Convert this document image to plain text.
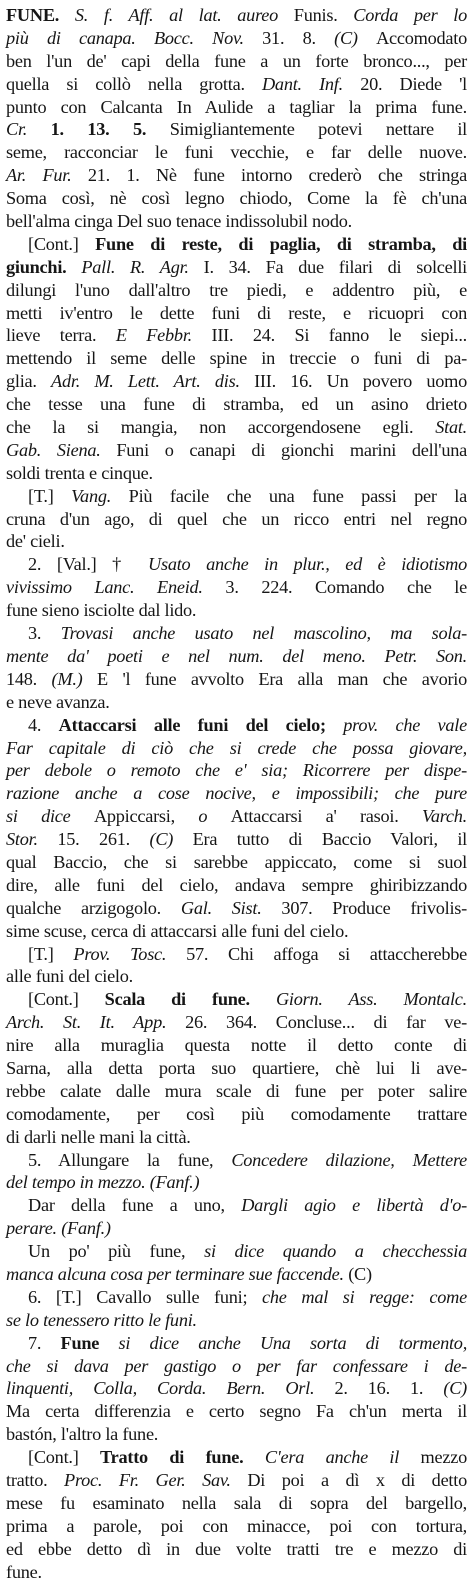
FUNE. S. f. Aff. al lat. aureo Funis. Corda per lo
più di canapa. Bocc. Nov. 31. 8. (C) Accomodato
ben l'un de' capi della fune a un forte bronco..., per
quella si collò nella grotta. Dant. Inf. 20. Diede 'l
punto con Calcanta In Aulide a tagliar la prima fune.
Cr. 1. 13. 5. Simigliantemente potevi nettare il
seme, racconciar le funi vecchie, e far delle nuove.
Ar. Fur. 21. 1. Nè fune intorno crederò che stringa
Soma così, nè così legno chiodo, Come la fè ch'una
bell'alma cinga Del suo tenace indissolubil nodo.
[Cont.] Fune di reste, di paglia, di stramba, di
giunchi. Pall. R. Agr. I. 34. Fa due filari di solcelli
dilungi l'uno dall'altro tre piedi, e addentro più, e
metti iv'entro le dette funi di reste, e ricuopri con
lieve terra. E Febbr. III. 24. Si fanno le siepi...
mettendo il seme delle spine in treccie o funi di pa-
glia. Adr. M. Lett. Art. dis. III. 16. Un povero uomo
che tesse una fune di stramba, ed un asino drieto
che la si mangia, non accorgendosene egli. Stat.
Gab. Siena. Funi o canapi di gionchi marini dell'una
soldi trenta e cinque.
[T.] Vang. Più facile che una fune passi per la
cruna d'un ago, di quel che un ricco entri nel regno
de' cieli.
2. [Val.] † Usato anche in plur., ed è idiotismo
vivissimo Lanc. Eneid. 3. 224. Comando che le
fune sieno isciolte dal lido.
3. Trovasi anche usato nel mascolino, ma sola-
mente da' poeti e nel num. del meno. Petr. Son.
148. (M.) E 'l fune avvolto Era alla man che avorio
e neve avanza.
4. Attaccarsi alle funi del cielo; prov. che vale
Far capitale di ciò che si crede che possa giovare,
per debole o remoto che e' sia; Ricorrere per dispe-
razione anche a cose nocive, e impossibili; che pure
si dice Appiccarsi, o Attaccarsi a' rasoi. Varch.
Stor. 15. 261. (C) Era tutto di Baccio Valori, il
qual Baccio, che si sarebbe appiccato, come si suol
dire, alle funi del cielo, andava sempre ghiribizzando
qualche arzigogolo. Gal. Sist. 307. Produce frivolis-
sime scuse, cerca di attaccarsi alle funi del cielo.
[T.] Prov. Tosc. 57. Chi affoga si attaccherebbe
alle funi del cielo.
[Cont.] Scala di fune. Giorn. Ass. Montalc.
Arch. St. It. App. 26. 364. Concluse... di far ve-
nire alla muraglia questa notte il detto conte di
Sarna, alla detta porta suo quartiere, chè lui li ave-
rebbe calate dalle mura scale di fune per poter salire
comodamente, per così più comodamente trattare
di darli nelle mani la città.
5. Allungare la fune, Concedere dilazione, Mettere
del tempo in mezzo. (Fanf.)
Dar della fune a uno, Dargli agio e libertà d'o-
perare. (Fanf.)
Un po' più fune, si dice quando a checchessia
manca alcuna cosa per terminare sue faccende. (C)
6. [T.] Cavallo sulle funi; che mal si regge: come
se lo tenessero ritto le funi.
7. Fune si dice anche Una sorta di tormento,
che si dava per gastigo o per far confessare i de-
linquenti, Colla, Corda. Bern. Orl. 2. 16. 1. (C)
Ma certa differenzia e certo segno Fa ch'un merta il
bastón, l'altro la fune.
[Cont.] Tratto di fune. C'era anche il mezzo
tratto. Proc. Fr. Ger. Sav. Di poi a dì x di detto
mese fu esaminato nella sala di sopra del bargello,
prima a parole, poi con minacce, poi con tortura,
ed ebbe detto dì in due volte tratti tre e mezzo di
fune.
